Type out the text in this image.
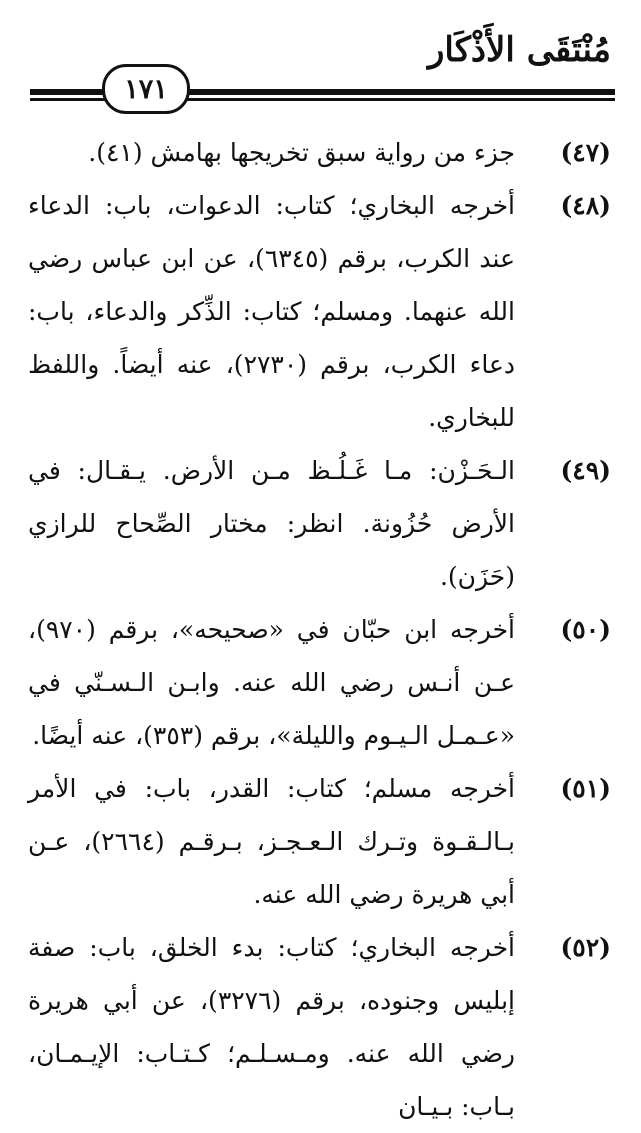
مُنْتَقَى الأَذْكَار
١٧١
(٤٧)
جزء من رواية سبق تخريجها بهامش (٤١).
(٤٨)
أخرجه البخاري؛ كتاب: الدعوات، باب: الدعاء عند الكرب، برقم (٦٣٤٥)، عن ابن عباس رضي الله عنهما. ومسلم؛ كتاب: الذِّكر والدعاء، باب: دعاء الكرب، برقم (٢٧٣٠)، عنه أيضاً. واللفظ للبخاري.
(٤٩)
الـحَـزْن: مـا غَـلُـظ مـن الأرض. يـقـال: في الأرض حُزُونة. انظر: مختار الصِّحاح للرازي (حَزَن).
(٥٠)
أخرجه ابن حبّان في «صحيحه»، برقم (٩٧٠)، عـن أنـس رضي الله عنه. وابـن الـسـنّي في «عـمـل الـيـوم والليلة»، برقم (٣٥٣)، عنه أيضًا.
(٥١)
أخرجه مسلم؛ كتاب: القدر، باب: في الأمر بـالـقـوة وتـرك الـعـجـز، بـرقـم (٢٦٦٤)، عـن أبي هريرة رضي الله عنه.
(٥٢)
أخرجه البخاري؛ كتاب: بدء الخلق، باب: صفة إبليس وجنوده، برقم (٣٢٧٦)، عن أبي هريرة رضي الله عنه. ومـسـلـم؛ كـتـاب: الإيـمـان، بـاب: بـيـان
